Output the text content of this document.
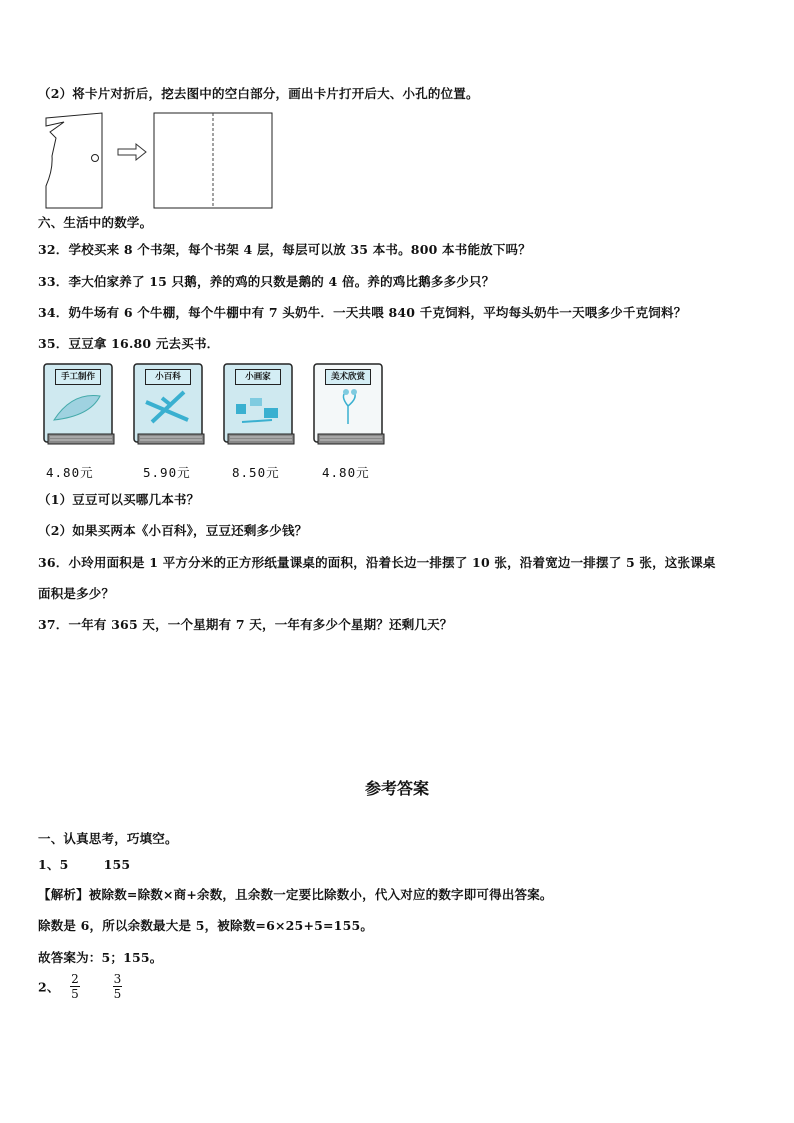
（2）将卡片对折后，挖去图中的空白部分，画出卡片打开后大、小孔的位置。
六、生活中的数学。
32．学校买来 8 个书架，每个书架 4 层，每层可以放 35 本书。800 本书能放下吗？
33．李大伯家养了 15 只鹅，养的鸡的只数是鹅的 4 倍。养的鸡比鹅多多少只？
34．奶牛场有 6 个牛棚，每个牛棚中有 7 头奶牛．一天共喂 840 千克饲料，平均每头奶牛一天喂多少千克饲料？
35．豆豆拿 16.80 元去买书．
手工制作	小百科	小画家	美术欣赏
4.80元	5.90元	8.50元	4.80元
（1）豆豆可以买哪几本书？
（2）如果买两本《小百科》，豆豆还剩多少钱？
36．小玲用面积是 1 平方分米的正方形纸量课桌的面积，沿着长边一排摆了 10 张，沿着宽边一排摆了 5 张，这张课桌
面积是多少？
37．一年有 365 天，一个星期有 7 天，一年有多少个星期？还剩几天？
参考答案
一、认真思考，巧填空。
1、5	155
【解析】被除数=除数×商+余数，且余数一定要比除数小，代入对应的数字即可得出答案。
除数是 6，所以余数最大是 5，被除数=6×25+5=155。
故答案为：5；155。
2、 $\frac{2}{5}$
	$\frac{3}{5}$
